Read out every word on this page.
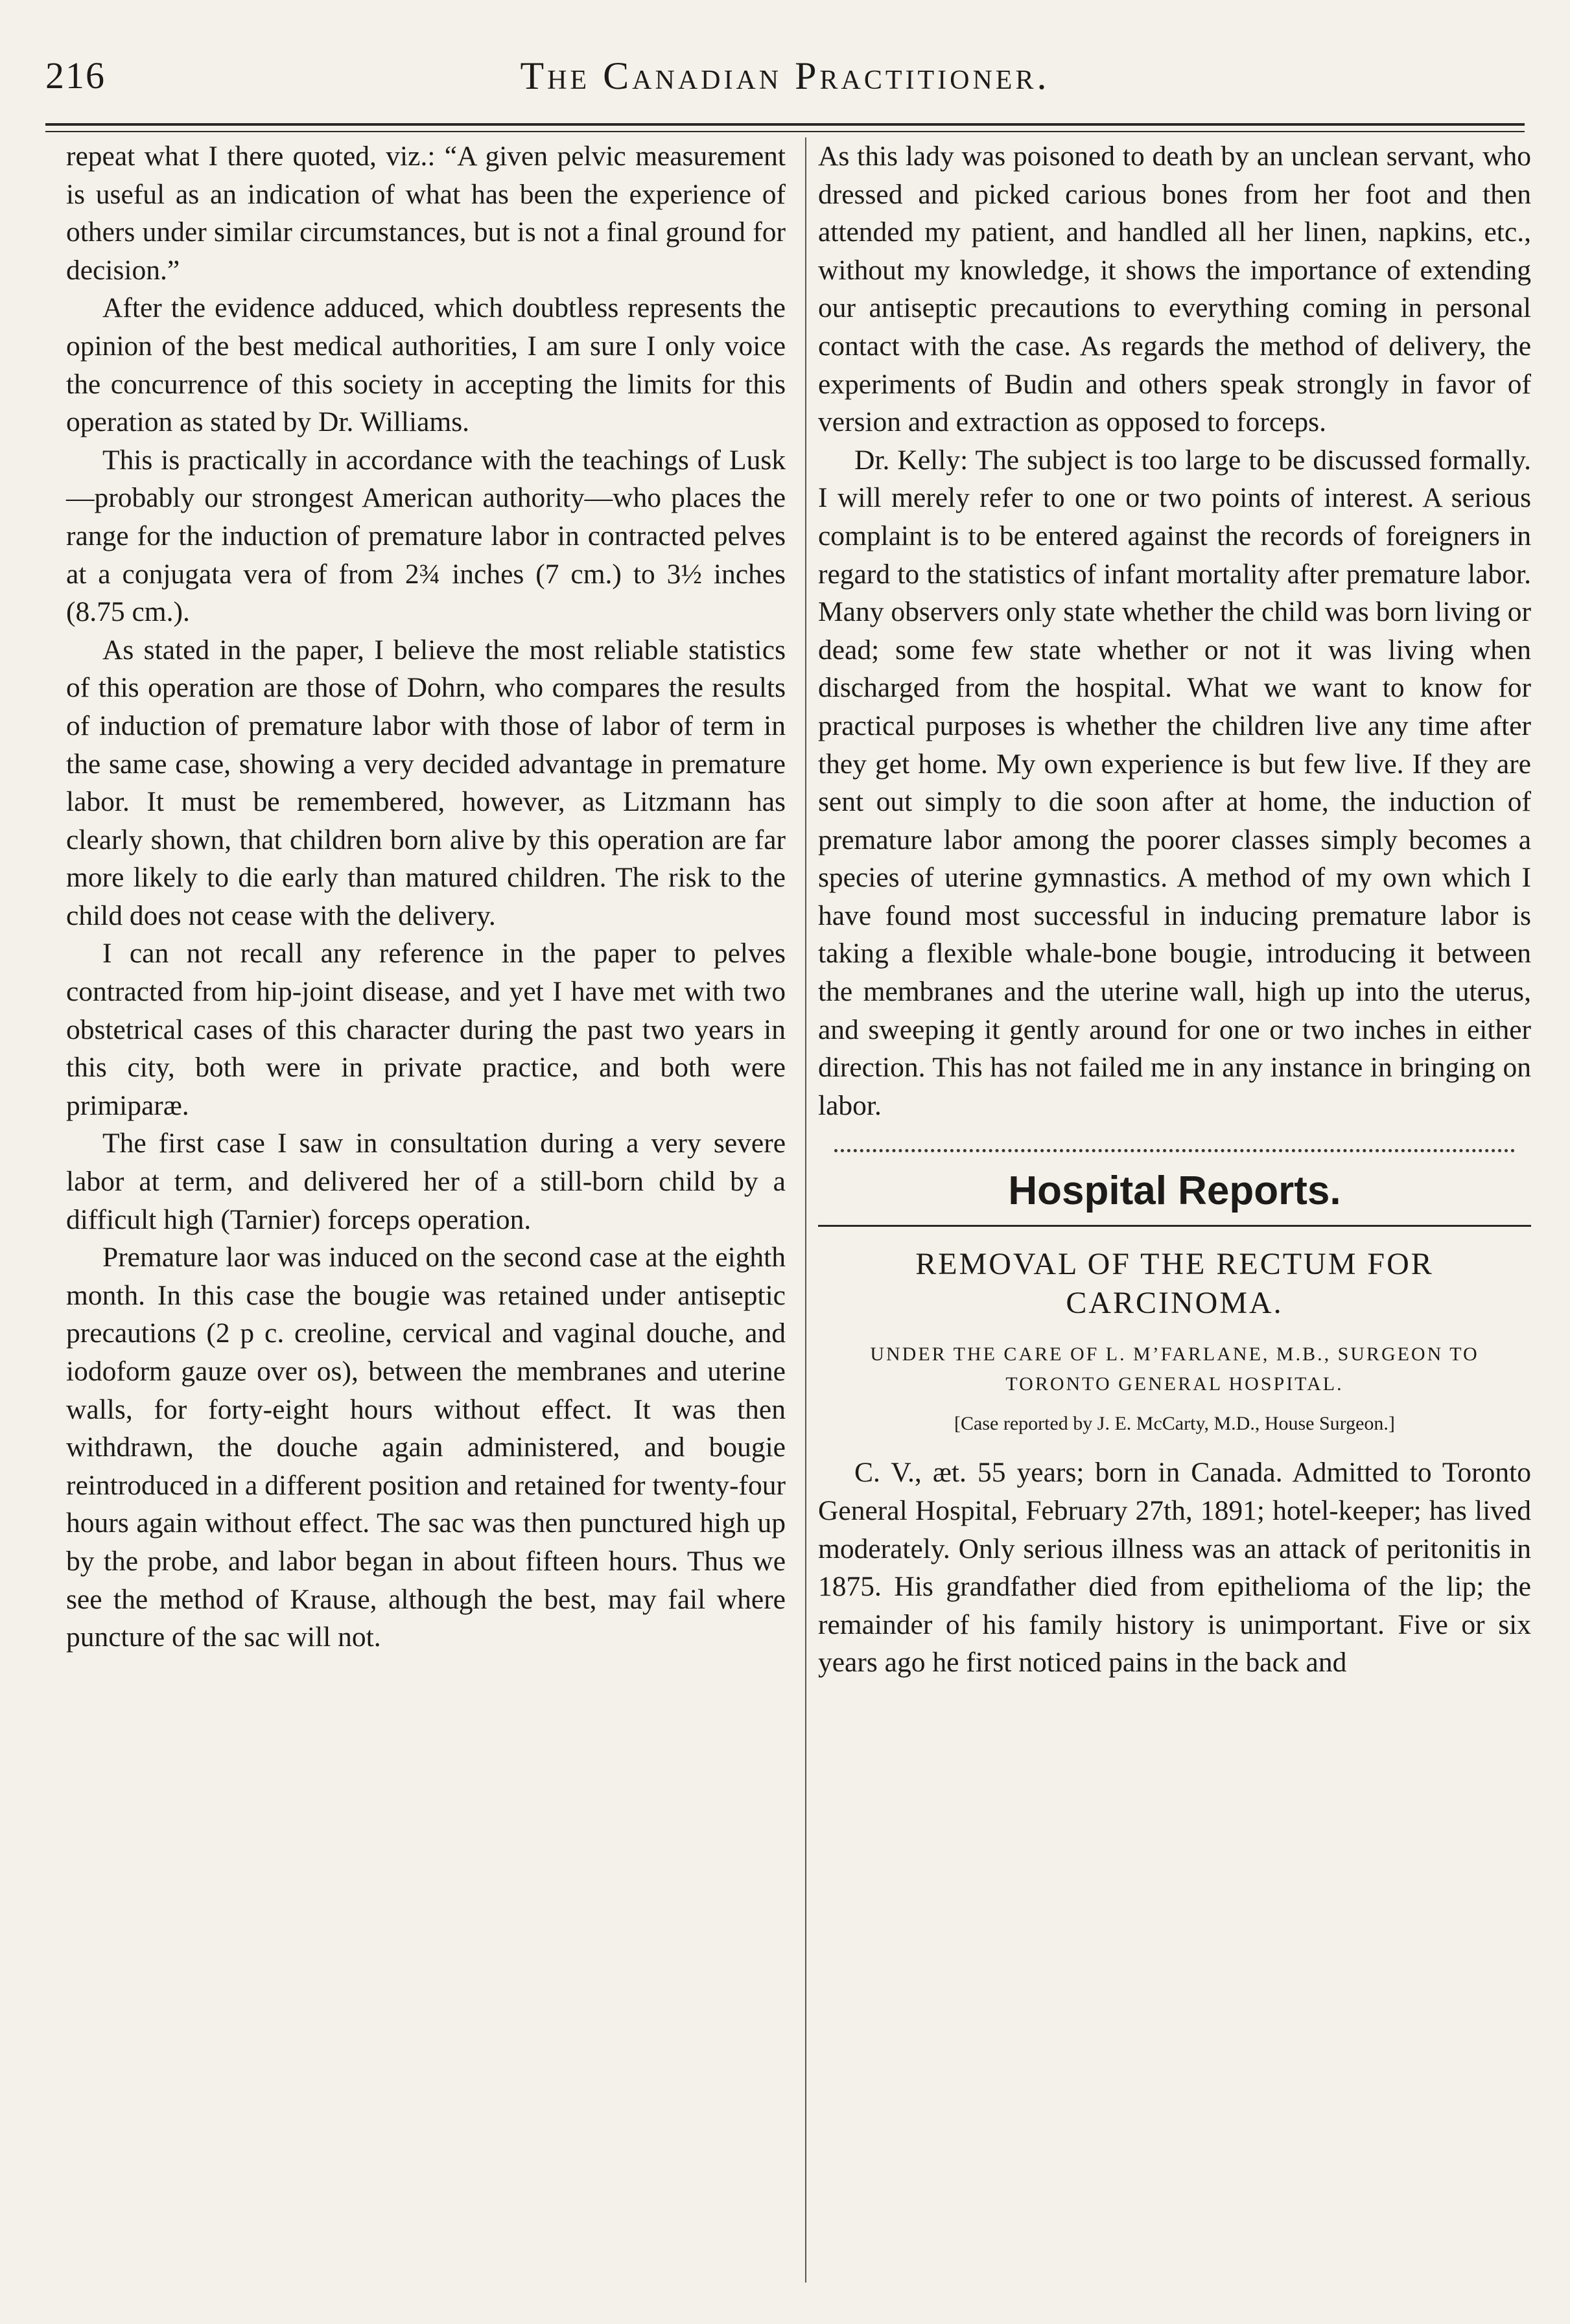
216	The Canadian Practitioner.

repeat what I there quoted, viz.: “A given pelvic measurement is useful as an indication of what has been the experience of others under similar circumstances, but is not a final ground for decision.”

After the evidence adduced, which doubtless represents the opinion of the best medical authorities, I am sure I only voice the concurrence of this society in accepting the limits for this operation as stated by Dr. Williams.

This is practically in accordance with the teachings of Lusk—probably our strongest American authority—who places the range for the induction of premature labor in contracted pelves at a conjugata vera of from 2¾ inches (7 cm.) to 3½ inches (8.75 cm.).

As stated in the paper, I believe the most reliable statistics of this operation are those of Dohrn, who compares the results of induction of premature labor with those of labor of term in the same case, showing a very decided advantage in premature labor. It must be remembered, however, as Litzmann has clearly shown, that children born alive by this operation are far more likely to die early than matured children. The risk to the child does not cease with the delivery.

I can not recall any reference in the paper to pelves contracted from hip-joint disease, and yet I have met with two obstetrical cases of this character during the past two years in this city, both were in private practice, and both were primiparæ.

The first case I saw in consultation during a very severe labor at term, and delivered her of a still-born child by a difficult high (Tarnier) forceps operation.

Premature laor was induced on the second case at the eighth month. In this case the bougie was retained under antiseptic precautions (2 p c. creoline, cervical and vaginal douche, and iodoform gauze over os), between the membranes and uterine walls, for forty-eight hours without effect. It was then withdrawn, the douche again administered, and bougie reintroduced in a different position and retained for twenty-four hours again without effect. The sac was then punctured high up by the probe, and labor began in about fifteen hours. Thus we see the method of Krause, although the best, may fail where puncture of the sac will not.

As this lady was poisoned to death by an unclean servant, who dressed and picked carious bones from her foot and then attended my patient, and handled all her linen, napkins, etc., without my knowledge, it shows the importance of extending our antiseptic precautions to everything coming in personal contact with the case. As regards the method of delivery, the experiments of Budin and others speak strongly in favor of version and extraction as opposed to forceps.

Dr. Kelly: The subject is too large to be discussed formally. I will merely refer to one or two points of interest. A serious complaint is to be entered against the records of foreigners in regard to the statistics of infant mortality after premature labor. Many observers only state whether the child was born living or dead; some few state whether or not it was living when discharged from the hospital. What we want to know for practical purposes is whether the children live any time after they get home. My own experience is but few live. If they are sent out simply to die soon after at home, the induction of premature labor among the poorer classes simply becomes a species of uterine gymnastics. A method of my own which I have found most successful in inducing premature labor is taking a flexible whale-bone bougie, introducing it between the membranes and the uterine wall, high up into the uterus, and sweeping it gently around for one or two inches in either direction. This has not failed me in any instance in bringing on labor.

Hospital Reports.
REMOVAL OF THE RECTUM FOR CARCINOMA.
UNDER THE CARE OF L. M’FARLANE, M.B., SURGEON TO TORONTO GENERAL HOSPITAL.
[Case reported by J. E. McCarty, M.D., House Surgeon.]

C. V., æt. 55 years; born in Canada. Admitted to Toronto General Hospital, February 27th, 1891; hotel-keeper; has lived moderately. Only serious illness was an attack of peritonitis in 1875. His grandfather died from epithelioma of the lip; the remainder of his family history is unimportant. Five or six years ago he first noticed pains in the back and
